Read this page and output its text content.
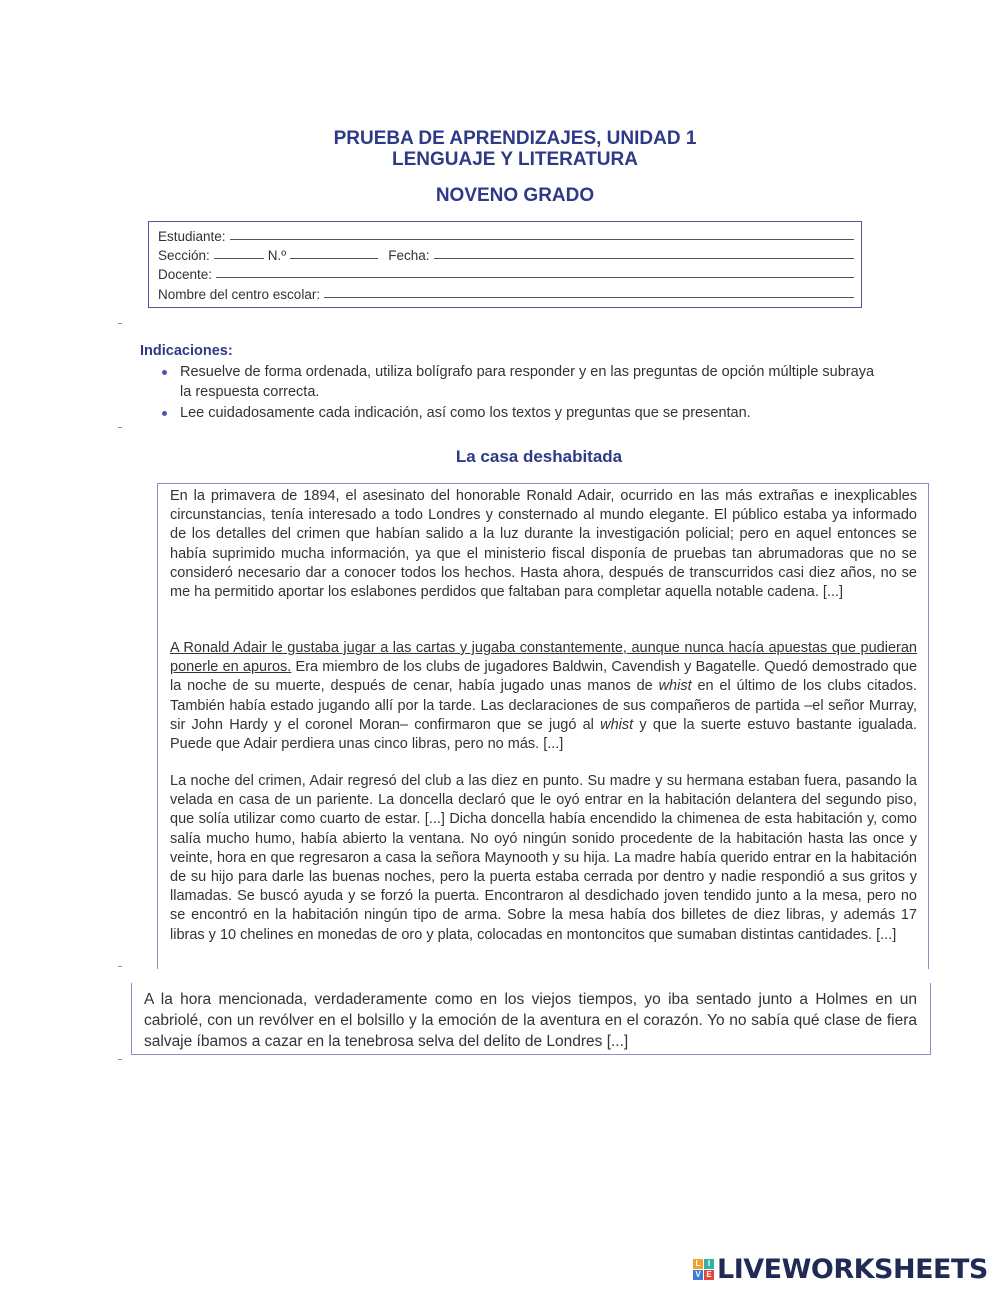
PRUEBA DE APRENDIZAJES, UNIDAD 1
LENGUAJE Y LITERATURA
NOVENO GRADO
Estudiante:
Sección:	N.º	Fecha:
Docente:
Nombre del centro escolar:
Indicaciones:
Resuelve de forma ordenada, utiliza bolígrafo para responder y en las preguntas de opción múltiple subraya la respuesta correcta.
Lee cuidadosamente cada indicación, así como los textos y preguntas que se presentan.
La casa deshabitada
En la primavera de 1894, el asesinato del honorable Ronald Adair, ocurrido en las más extrañas e inexplicables circunstancias, tenía interesado a todo Londres y consternado al mundo elegante. El público estaba ya informado de los detalles del crimen que habían salido a la luz durante la investigación policial; pero en aquel entonces se había suprimido mucha información, ya que el ministerio fiscal disponía de pruebas tan abrumadoras que no se consideró necesario dar a conocer todos los hechos. Hasta ahora, después de transcurridos casi diez años, no se me ha permitido aportar los eslabones perdidos que faltaban para completar aquella notable cadena. [...]
A Ronald Adair le gustaba jugar a las cartas y jugaba constantemente, aunque nunca hacía apuestas que pudieran ponerle en apuros. Era miembro de los clubs de jugadores Baldwin, Cavendish y Bagatelle. Quedó demostrado que la noche de su muerte, después de cenar, había jugado unas manos de whist en el último de los clubs citados. También había estado jugando allí por la tarde. Las declaraciones de sus compañeros de partida –el señor Murray, sir John Hardy y el coronel Moran– confirmaron que se jugó al whist y que la suerte estuvo bastante igualada. Puede que Adair perdiera unas cinco libras, pero no más. [...]
La noche del crimen, Adair regresó del club a las diez en punto. Su madre y su hermana estaban fuera, pasando la velada en casa de un pariente. La doncella declaró que le oyó entrar en la habitación delantera del segundo piso, que solía utilizar como cuarto de estar. [...] Dicha doncella había encendido la chimenea de esta habitación y, como salía mucho humo, había abierto la ventana. No oyó ningún sonido procedente de la habitación hasta las once y veinte, hora en que regresaron a casa la señora Maynooth y su hija. La madre había querido entrar en la habitación de su hijo para darle las buenas noches, pero la puerta estaba cerrada por dentro y nadie respondió a sus gritos y llamadas. Se buscó ayuda y se forzó la puerta. Encontraron al desdichado joven tendido junto a la mesa, pero no se encontró en la habitación ningún tipo de arma. Sobre la mesa había dos billetes de diez libras, y además 17 libras y 10 chelines en monedas de oro y plata, colocadas en montoncitos que sumaban distintas cantidades. [...]
A la hora mencionada, verdaderamente como en los viejos tiempos, yo iba sentado junto a Holmes en un cabriolé, con un revólver en el bolsillo y la emoción de la aventura en el corazón. Yo no sabía qué clase de fiera salvaje íbamos a cazar en la tenebrosa selva del delito de Londres [...]
L I
V E LIVEWORKSHEETS
